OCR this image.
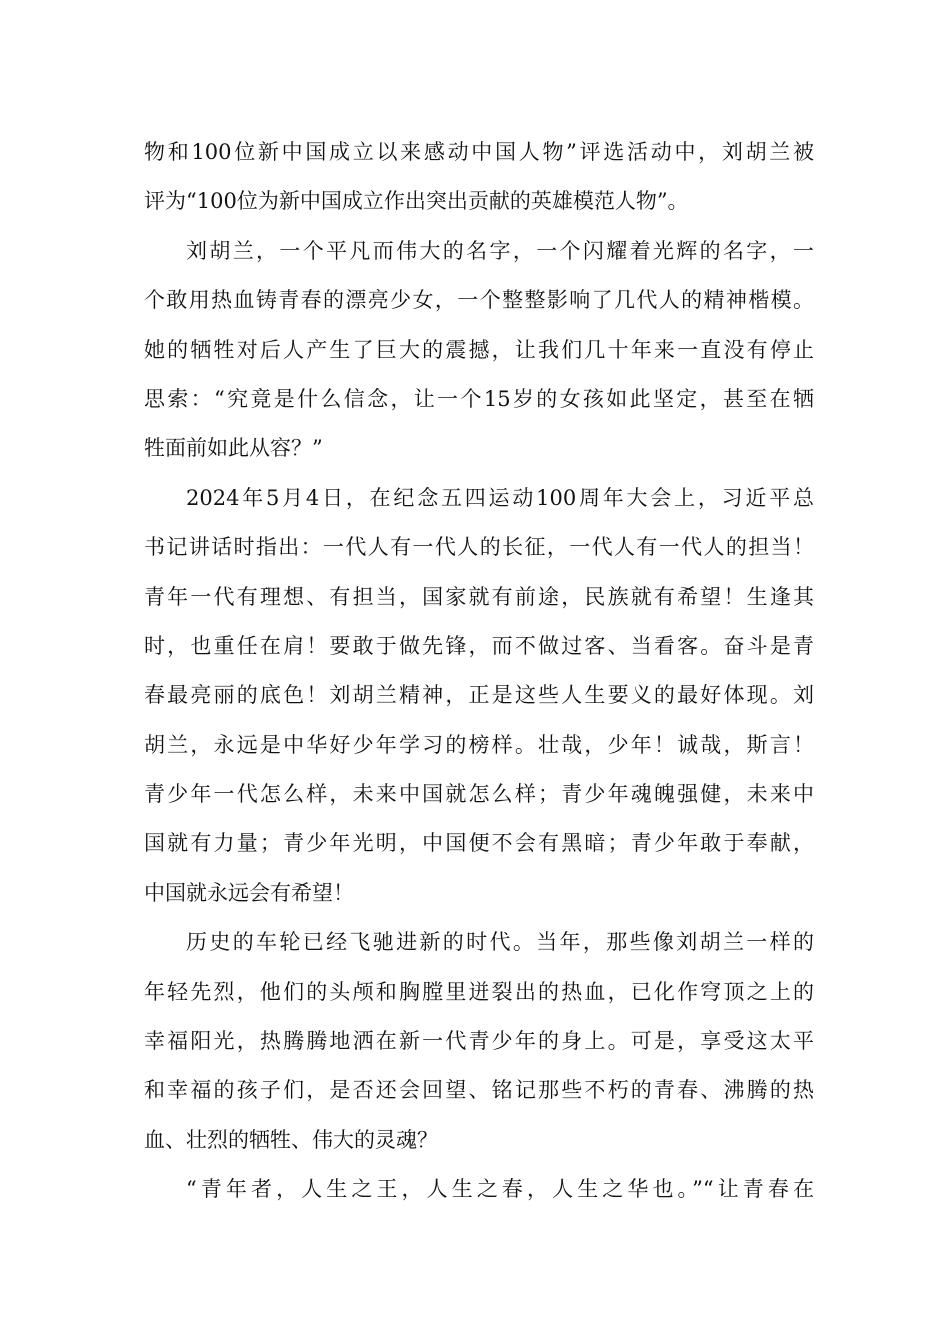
物和100位新中国成立以来感动中国人物”评选活动中，刘胡兰被
评为“100位为新中国成立作出突出贡献的英雄模范人物”。
刘胡兰，一个平凡而伟大的名字，一个闪耀着光辉的名字，一
个敢用热血铸青春的漂亮少女，一个整整影响了几代人的精神楷模。
她的牺牲对后人产生了巨大的震撼，让我们几十年来一直没有停止
思索：“究竟是什么信念，让一个15岁的女孩如此坚定，甚至在牺
牲面前如此从容？”
2024年5月4日，在纪念五四运动100周年大会上，习近平总
书记讲话时指出：一代人有一代人的长征，一代人有一代人的担当！
青年一代有理想、有担当，国家就有前途，民族就有希望！生逢其
时，也重任在肩！要敢于做先锋，而不做过客、当看客。奋斗是青
春最亮丽的底色！刘胡兰精神，正是这些人生要义的最好体现。刘
胡兰，永远是中华好少年学习的榜样。壮哉，少年！诚哉，斯言！
青少年一代怎么样，未来中国就怎么样；青少年魂魄强健，未来中
国就有力量；青少年光明，中国便不会有黑暗；青少年敢于奉献，
中国就永远会有希望！
历史的车轮已经飞驰进新的时代。当年，那些像刘胡兰一样的
年轻先烈，他们的头颅和胸膛里迸裂出的热血，已化作穹顶之上的
幸福阳光，热腾腾地洒在新一代青少年的身上。可是，享受这太平
和幸福的孩子们，是否还会回望、铭记那些不朽的青春、沸腾的热
血、壮烈的牺牲、伟大的灵魂？
“青年者，人生之王，人生之春，人生之华也。”“让青春在
